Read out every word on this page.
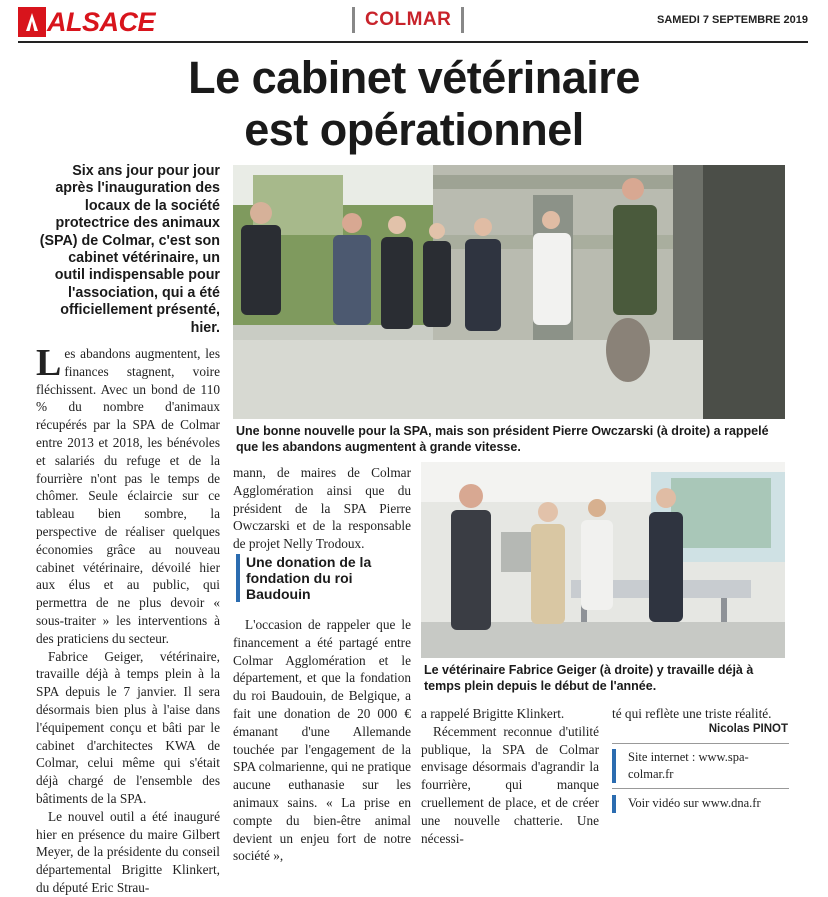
ALSACE	COLMAR	SAMEDI 7 SEPTEMBRE 2019
Le cabinet vétérinaire
est opérationnel
Six ans jour pour jour après l'inauguration des locaux de la société protectrice des animaux (SPA) de Colmar, c'est son cabinet vétérinaire, un outil indispensable pour l'association, qui a été officiellement présenté, hier.
Une bonne nouvelle pour la SPA, mais son président Pierre Owczarski (à droite) a rappelé que les abandons augmentent à grande vitesse.

Les abandons augmentent, les finances stagnent, voire fléchissent. Avec un bond de 110 % du nombre d'animaux récupérés par la SPA de Colmar entre 2013 et 2018, les bénévoles et salariés du refuge et de la fourrière n'ont pas le temps de chômer. Seule éclaircie sur ce tableau bien sombre, la perspective de réaliser quelques économies grâce au nouveau cabinet vétérinaire, dévoilé hier aux élus et au public, qui permettra de ne plus devoir « sous-traiter » les interventions à des praticiens du secteur.

Fabrice Geiger, vétérinaire, travaille déjà à temps plein à la SPA depuis le 7 janvier. Il sera désormais bien plus à l'aise dans l'équipement conçu et bâti par le cabinet d'architectes KWA de Colmar, celui même qui s'était déjà chargé de l'ensemble des bâtiments de la SPA.

Le nouvel outil a été inauguré hier en présence du maire Gilbert Meyer, de la présidente du conseil départemental Brigitte Klinkert, du député Eric Strau-

mann, de maires de Colmar Agglomération ainsi que du président de la SPA Pierre Owczarski et de la responsable de projet Nelly Trodoux.

Une donation de la fondation du roi Baudouin

L'occasion de rappeler que le financement a été partagé entre Colmar Agglomération et le département, et que la fondation du roi Baudouin, de Belgique, a fait une donation de 20 000 € émanant d'une Allemande touchée par l'engagement de la SPA colmarienne, qui ne pratique aucune euthanasie sur les animaux sains. « La prise en compte du bien-être animal devient un enjeu fort de notre société »,

Le vétérinaire Fabrice Geiger (à droite) y travaille déjà à temps plein depuis le début de l'année.

a rappelé Brigitte Klinkert.

Récemment reconnue d'utilité publique, la SPA de Colmar envisage désormais d'agrandir la fourrière, qui manque cruellement de place, et de créer une nouvelle chatterie. Une nécessi-

té qui reflète une triste réalité.

Nicolas PINOT
Site internet : www.spa-colmar.fr
Voir vidéo sur www.dna.fr
